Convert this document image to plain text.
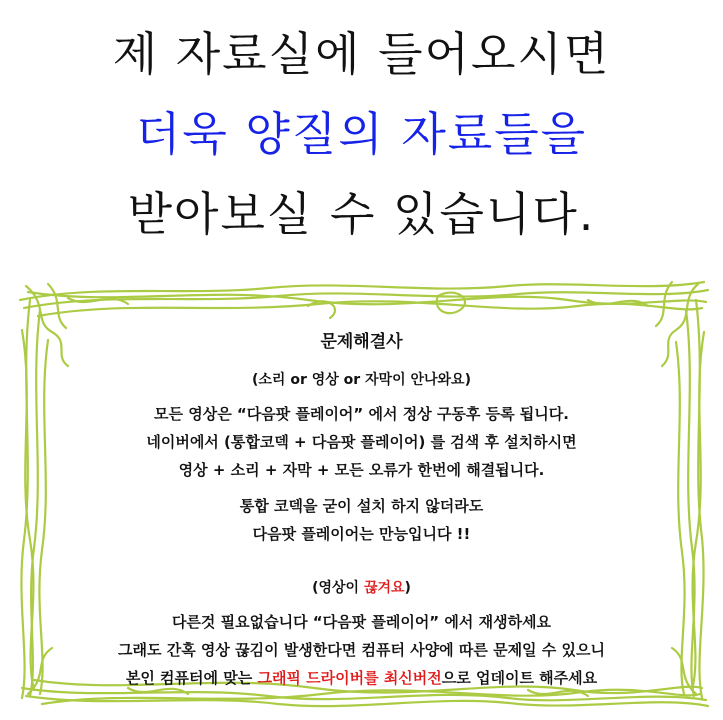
제 자료실에 들어오시면
더욱 양질의 자료들을
받아보실 수 있습니다.

문제해결사

(소리 or 영상 or 자막이 안나와요)

모든 영상은 “다음팟 플레이어” 에서 정상 구동후 등록 됩니다.

네이버에서 (통합코덱 + 다음팟 플레이어) 를 검색 후 설치하시면

영상 + 소리 + 자막 + 모든 오류가 한번에 해결됩니다.

통합 코덱을 굳이 설치 하지 않더라도

다음팟 플레이어는 만능입니다 !!

(영상이 끊겨요)

다른것 필요없습니다 “다음팟 플레이어” 에서 재생하세요

그래도 간혹 영상 끊김이 발생한다면 컴퓨터 사양에 따른 문제일 수 있으니

본인 컴퓨터에 맞는 그래픽 드라이버를 최신버전으로 업데이트 해주세요
